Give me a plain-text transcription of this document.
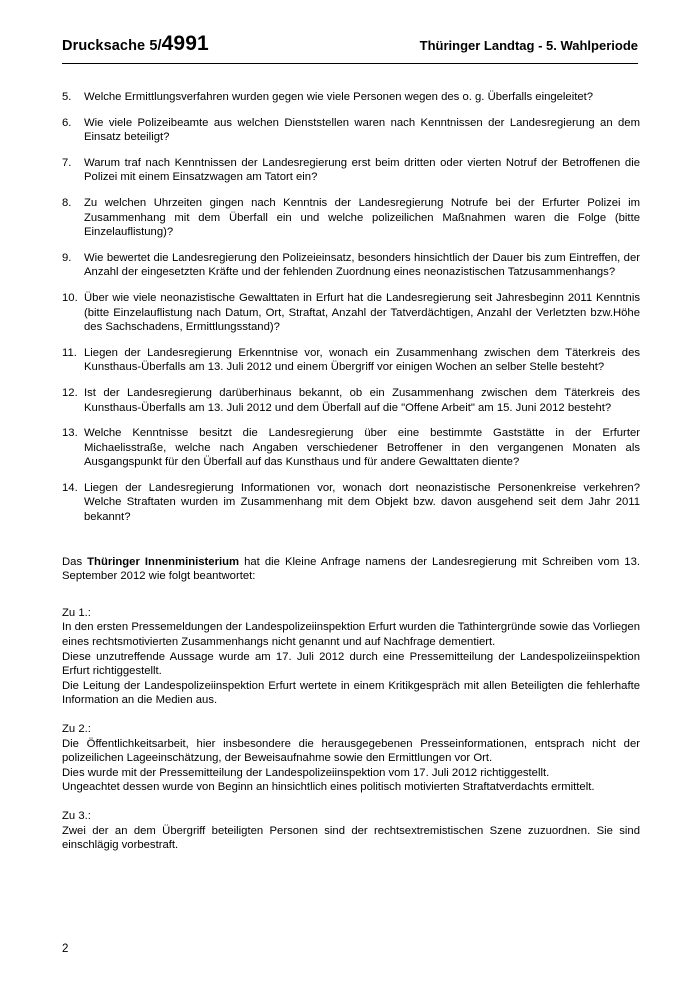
Drucksache 5/4991	Thüringer Landtag - 5. Wahlperiode
5.	Welche Ermittlungsverfahren wurden gegen wie viele Personen wegen des o. g. Überfalls eingeleitet?
6.	Wie viele Polizeibeamte aus welchen Dienststellen waren nach Kenntnissen der Landesregierung an dem Einsatz beteiligt?
7.	Warum traf nach Kenntnissen der Landesregierung erst beim dritten oder vierten Notruf der Betroffenen die Polizei mit einem Einsatzwagen am Tatort ein?
8.	Zu welchen Uhrzeiten gingen nach Kenntnis der Landesregierung Notrufe bei der Erfurter Polizei im Zusammenhang mit dem Überfall ein und welche polizeilichen Maßnahmen waren die Folge (bitte Einzelauflistung)?
9.	Wie bewertet die Landesregierung den Polizeieinsatz, besonders hinsichtlich der Dauer bis zum Eintreffen, der Anzahl der eingesetzten Kräfte und der fehlenden Zuordnung eines neonazistischen Tatzusammenhangs?
10. Über wie viele neonazistische Gewalttaten in Erfurt hat die Landesregierung seit Jahresbeginn 2011 Kenntnis (bitte Einzelauflistung nach Datum, Ort, Straftat, Anzahl der Tatverdächtigen, Anzahl der Verletzten bzw.Höhe des Sachschadens, Ermittlungsstand)?
11. Liegen der Landesregierung Erkenntnise vor, wonach ein Zusammenhang zwischen dem Täterkreis des Kunsthaus-Überfalls am 13. Juli 2012 und einem Übergriff vor einigen Wochen an selber Stelle besteht?
12. Ist der Landesregierung darüberhinaus bekannt, ob ein Zusammenhang zwischen dem Täterkreis des Kunsthaus-Überfalls am 13. Juli 2012 und dem Überfall auf die "Offene Arbeit" am 15. Juni 2012 besteht?
13. Welche Kenntnisse besitzt die Landesregierung über eine bestimmte Gaststätte in der Erfurter Michaelisstraße, welche nach Angaben verschiedener Betroffener in den vergangenen Monaten als Ausgangspunkt für den Überfall auf das Kunsthaus und für andere Gewalttaten diente?
14. Liegen der Landesregierung Informationen vor, wonach dort neonazistische Personenkreise verkehren? Welche Straftaten wurden im Zusammenhang mit dem Objekt bzw. davon ausgehend seit dem Jahr 2011 bekannt?
Das Thüringer Innenministerium hat die Kleine Anfrage namens der Landesregierung mit Schreiben vom 13. September 2012 wie folgt beantwortet:
Zu 1.:
In den ersten Pressemeldungen der Landespolizeiinspektion Erfurt wurden die Tathintergründe sowie das Vorliegen eines rechtsmotivierten Zusammenhangs nicht genannt und auf Nachfrage dementiert.
Diese unzutreffende Aussage wurde am 17. Juli 2012 durch eine Pressemitteilung der Landespolizeiinspektion Erfurt richtiggestellt.
Die Leitung der Landespolizeiinspektion Erfurt wertete in einem Kritikgespräch mit allen Beteiligten die fehlerhafte Information an die Medien aus.
Zu 2.:
Die Öffentlichkeitsarbeit, hier insbesondere die herausgegebenen Presseinformationen, entsprach nicht der polizeilichen Lageeinschätzung, der Beweisaufnahme sowie den Ermittlungen vor Ort.
Dies wurde mit der Pressemitteilung der Landespolizeiinspektion vom 17. Juli 2012 richtiggestellt.
Ungeachtet dessen wurde von Beginn an hinsichtlich eines politisch motivierten Straftatverdachts ermittelt.
Zu 3.:
Zwei der an dem Übergriff beteiligten Personen sind der rechtsextremistischen Szene zuzuordnen. Sie sind einschlägig vorbestraft.
2
